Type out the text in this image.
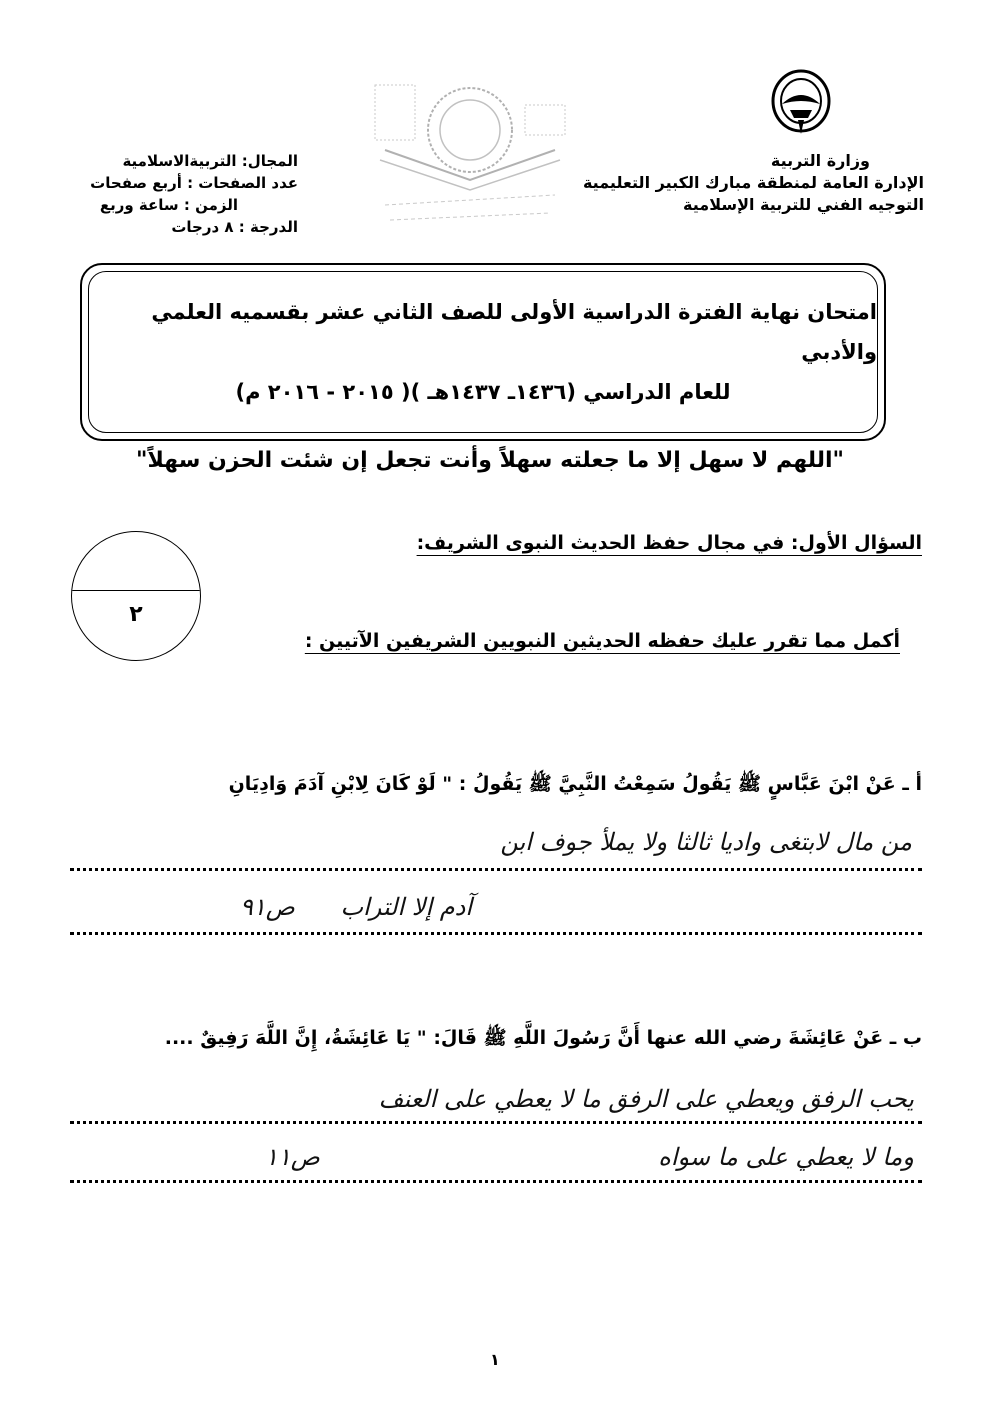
وزارة التربية
الإدارة العامة لمنطقة مبارك الكبير التعليمية
التوجيه الفني للتربية الإسلامية
المجال: التربيةالاسلامية
عدد الصفحات : أربع صفحات
الزمن : ساعة وربع
الدرجة : ٨ درجات
امتحان نهاية الفترة الدراسية الأولى للصف الثاني عشر بقسميه العلمي والأدبي
للعام الدراسي (١٤٣٦ـ ١٤٣٧هـ )( ٢٠١٥ - ٢٠١٦ م)
"اللهم لا سهل إلا ما جعلته سهلاً وأنت تجعل إن شئت الحزن سهلاً"
٢
السؤال الأول: في مجال حفظ الحديث النبوى الشريف:
أكمل مما تقرر عليك حفظه الحديثين النبويين الشريفين الآتيين :
أ ـ عَنْ ابْنَ عَبَّاسٍ ﷺ يَقُولُ سَمِعْتُ النَّبِيَّ ﷺ يَقُولُ : " لَوْ كَانَ لِابْنِ آدَمَ وَادِيَانِ
من مال لابتغى واديا ثالثا ولا يملأ جوف ابن
آدم إلا التراب
ص٩١
ب ـ عَنْ عَائِشَةَ رضي الله عنها أَنَّ رَسُولَ اللَّهِ ﷺ قَالَ: " يَا عَائِشَةُ، إِنَّ اللَّهَ رَفِيقٌ ....
يحب الرفق ويعطي على الرفق ما لا يعطي على العنف
وما لا يعطي على ما سواه
ص١١
١
